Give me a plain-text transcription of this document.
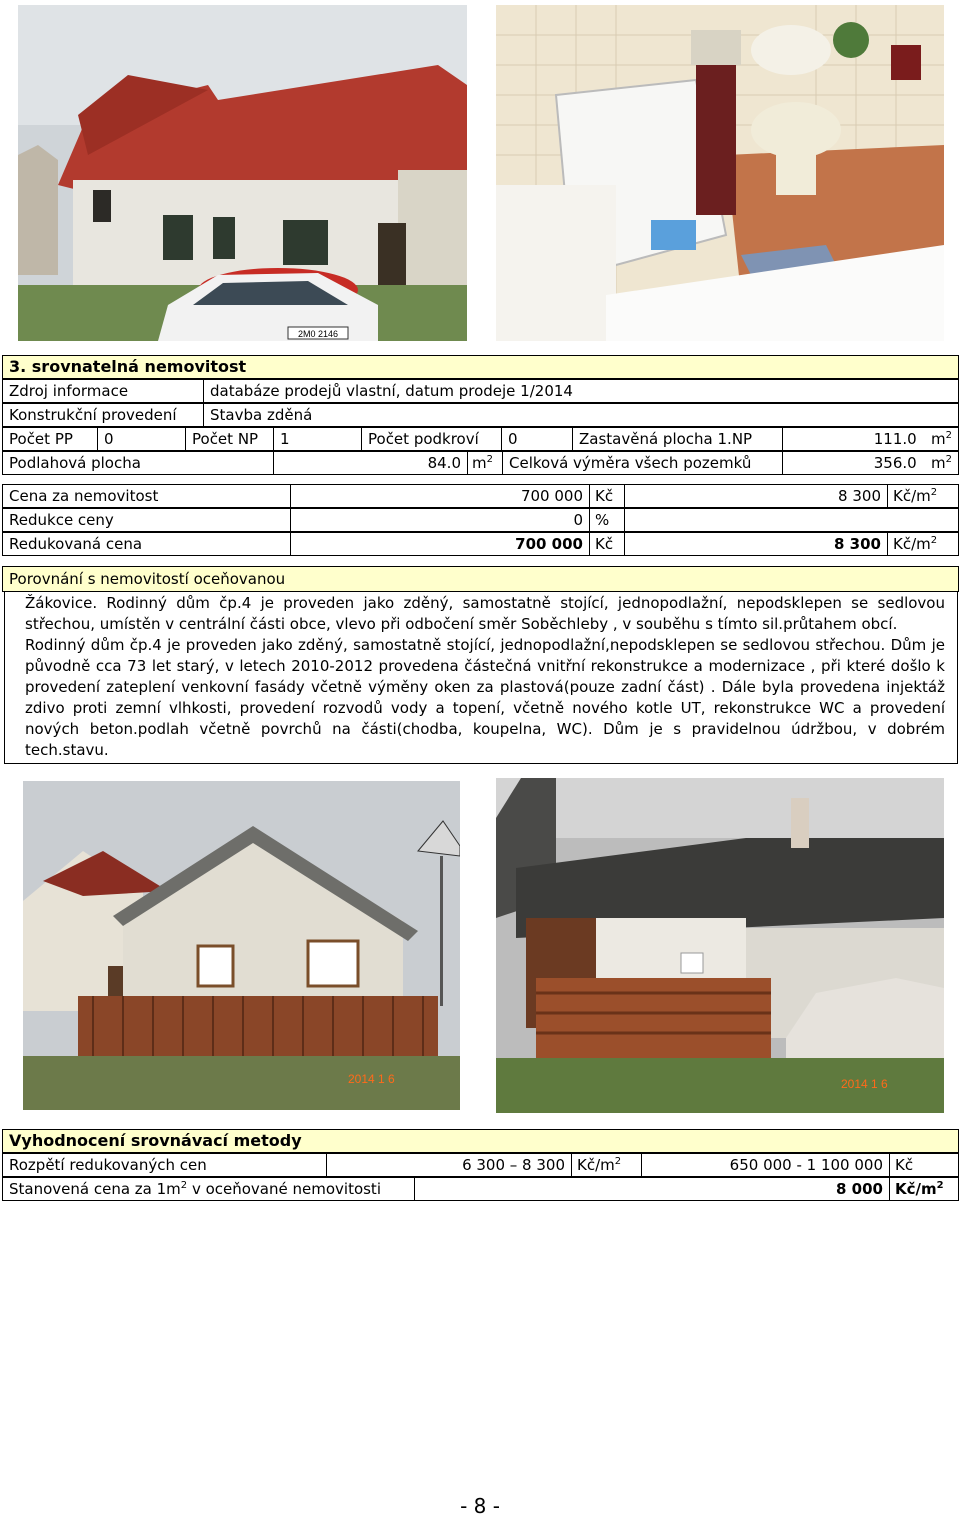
2M0 2146
3. srovnatelná nemovitost
Zdroj informace	databáze prodejů vlastní, datum prodeje 1/2014
Konstrukční provedení	Stavba zděná
Počet PP	0	Počet NP	1	Počet podkroví	0	Zastavěná plocha 1.NP	111.0 $m^2$
Podlahová plocha	84.0 $m^2$	Celková výměra všech pozemků	356.0 $m^2$
Cena za nemovitost	700 000 Kč	8 300 $Kč/m^2$
Redukce ceny	0 %
Redukovaná cena	700 000 Kč	8 300 $Kč/m^2$
Porovnání s nemovitostí oceňovanou

Žákovice. Rodinný dům čp.4 je proveden jako zděný, samostatně stojící, jednopodlažní, nepodsklepen se sedlovou střechou, umístěn v centrální části obce, vlevo při odbočení směr Soběchleby , v souběhu s tímto sil.průtahem obcí.

Rodinný dům čp.4 je proveden jako zděný, samostatně stojící, jednopodlažní,nepodsklepen se sedlovou střechou. Dům je původně cca 73 let starý, v letech 2010-2012 provedena částečná vnitřní rekonstrukce a modernizace , při které došlo k provedení zateplení venkovní fasády včetně výměny oken za plastová(pouze zadní část) . Dále byla provedena injektáž zdivo proti zemní vlhkosti, provedení rozvodů vody a topení, včetně nového kotle UT, rekonstrukce WC a provedení nových beton.podlah včetně povrchů na části(chodba, koupelna, WC). Dům je s pravidelnou údržbou, v dobrém tech.stavu.

2014 1 6	2014 1 6
Vyhodnocení srovnávací metody
Rozpětí redukovaných cen	6 300 – 8 300 $Kč/m^2$	650 000 - 1 100 000 Kč
Stanovená cena za $1m^2$ v oceňované nemovitosti	8 000 $Kč/m^2$
- 8 -
